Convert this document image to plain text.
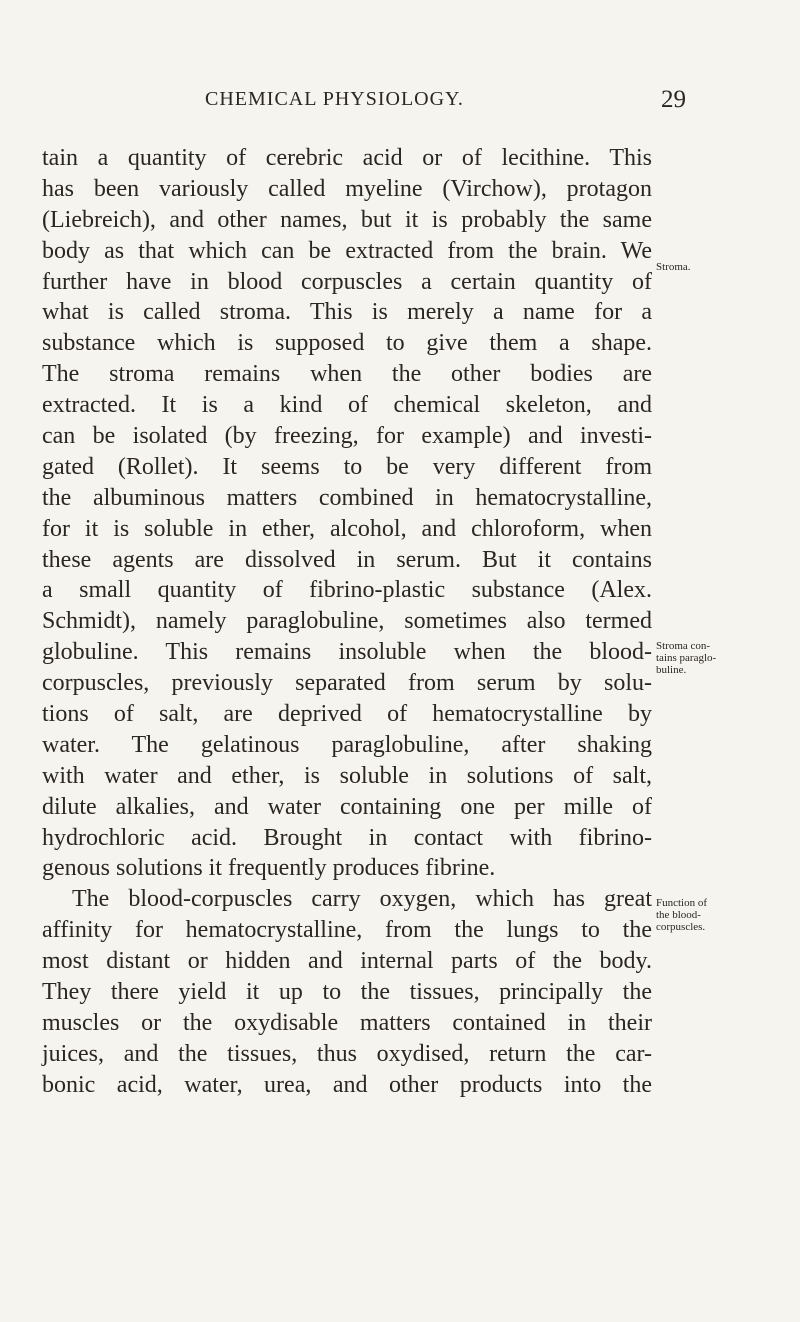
CHEMICAL PHYSIOLOGY.	29
tain a quantity of cerebric acid or of lecithine. This
has been variously called myeline (Virchow), protagon
(Liebreich), and other names, but it is probably the same
body as that which can be extracted from the brain. We
further have in blood corpuscles a certain quantity of
what is called stroma. This is merely a name for a
substance which is supposed to give them a shape.
The stroma remains when the other bodies are
extracted. It is a kind of chemical skeleton, and
can be isolated (by freezing, for example) and investi-
gated (Rollet). It seems to be very different from
the albuminous matters combined in hematocrystalline,
for it is soluble in ether, alcohol, and chloroform, when
these agents are dissolved in serum. But it contains
a small quantity of fibrino-plastic substance (Alex.
Schmidt), namely paraglobuline, sometimes also termed
globuline. This remains insoluble when the blood-
corpuscles, previously separated from serum by solu-
tions of salt, are deprived of hematocrystalline by
water. The gelatinous paraglobuline, after shaking
with water and ether, is soluble in solutions of salt,
dilute alkalies, and water containing one per mille of
hydrochloric acid. Brought in contact with fibrino-
genous solutions it frequently produces fibrine.
The blood-corpuscles carry oxygen, which has great
affinity for hematocrystalline, from the lungs to the
most distant or hidden and internal parts of the body.
They there yield it up to the tissues, principally the
muscles or the oxydisable matters contained in their
juices, and the tissues, thus oxydised, return the car-
bonic acid, water, urea, and other products into the
Stroma.
Stroma con-
tains paraglo-
buline.
Function of
the blood-
corpuscles.
